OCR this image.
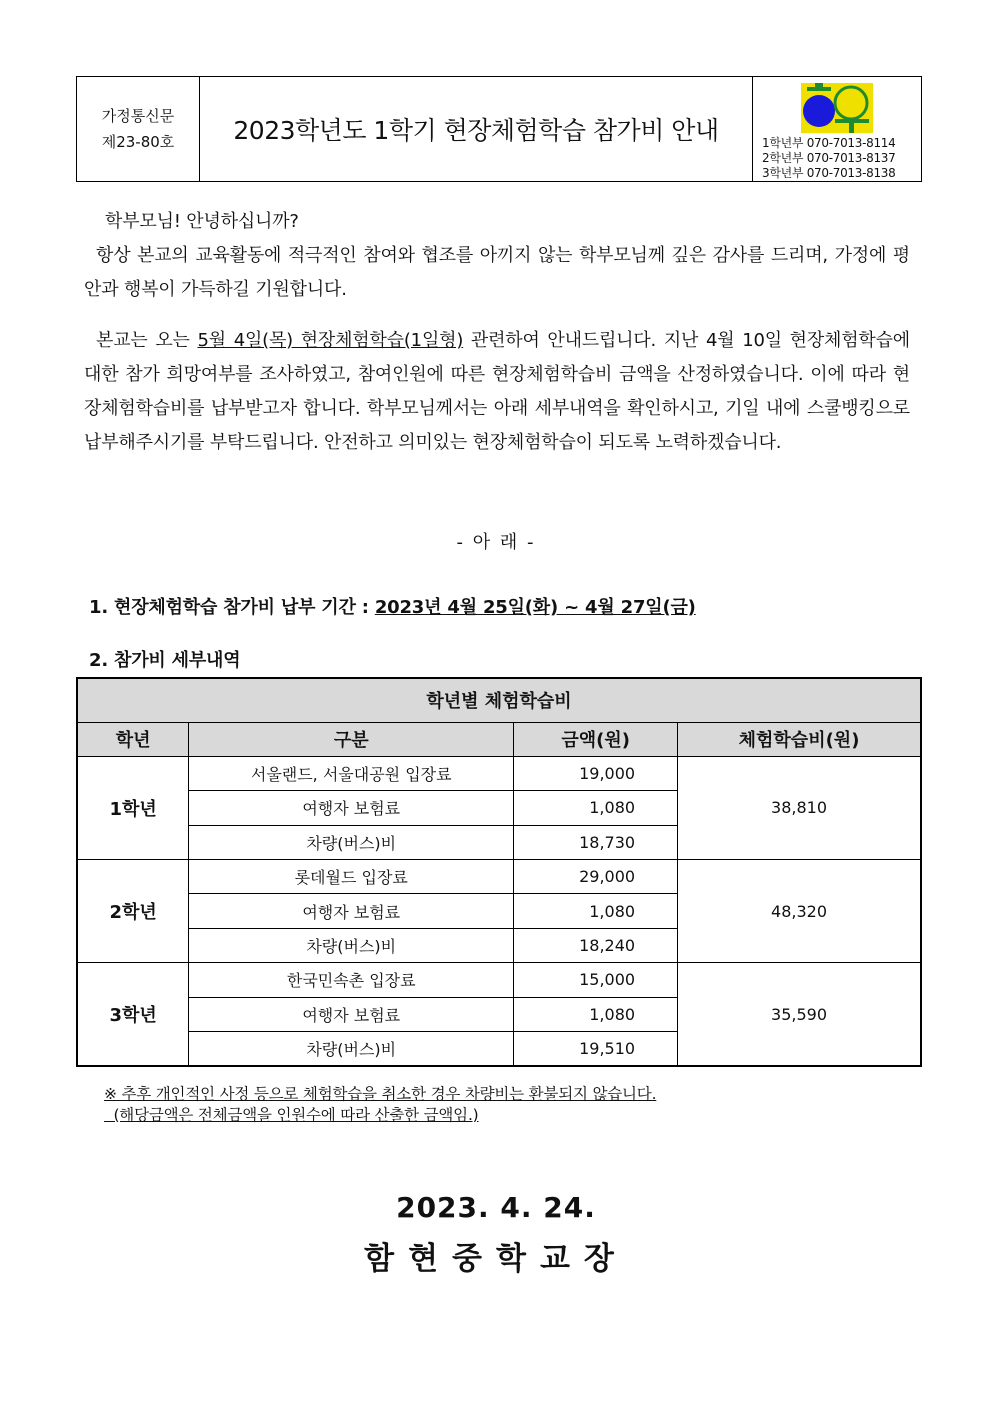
가정통신문
제23-80호	2023학년도 1학기 현장체험학습 참가비 안내	1학년부 070-7013-8114
2학년부 070-7013-8137
3학년부 070-7013-8138
학부모님! 안녕하십니까?
항상 본교의 교육활동에 적극적인 참여와 협조를 아끼지 않는 학부모님께 깊은 감사를 드리며, 가정에 평안과 행복이 가득하길 기원합니다.
본교는 오는 5월 4일(목) 현장체험학습(1일형) 관련하여 안내드립니다. 지난 4월 10일 현장체험학습에 대한 참가 희망여부를 조사하였고, 참여인원에 따른 현장체험학습비 금액을 산정하였습니다. 이에 따라 현장체험학습비를 납부받고자 합니다. 학부모님께서는 아래 세부내역을 확인하시고, 기일 내에 스쿨뱅킹으로 납부해주시기를 부탁드립니다. 안전하고 의미있는 현장체험학습이 되도록 노력하겠습니다.
- 아 래 -
1. 현장체험학습 참가비 납부 기간 : 2023년 4월 25일(화) ~ 4월 27일(금)
2. 참가비 세부내역
학년별 체험학습비			
학년	구분	금액(원)	체험학습비(원)
1학년	서울랜드, 서울대공원 입장료	19,000	38,810
	여행자 보험료	1,080	
	차량(버스)비	18,730	
2학년	롯데월드 입장료	29,000	48,320
	여행자 보험료	1,080	
	차량(버스)비	18,240	
3학년	한국민속촌 입장료	15,000	35,590
	여행자 보험료	1,080	
	차량(버스)비	19,510	
※ 추후 개인적인 사정 등으로 체험학습을 취소한 경우 차량비는 환불되지 않습니다.
(해당금액은 전체금액을 인원수에 따라 산출한 금액임.)
2023. 4. 24.
함현중학교장
